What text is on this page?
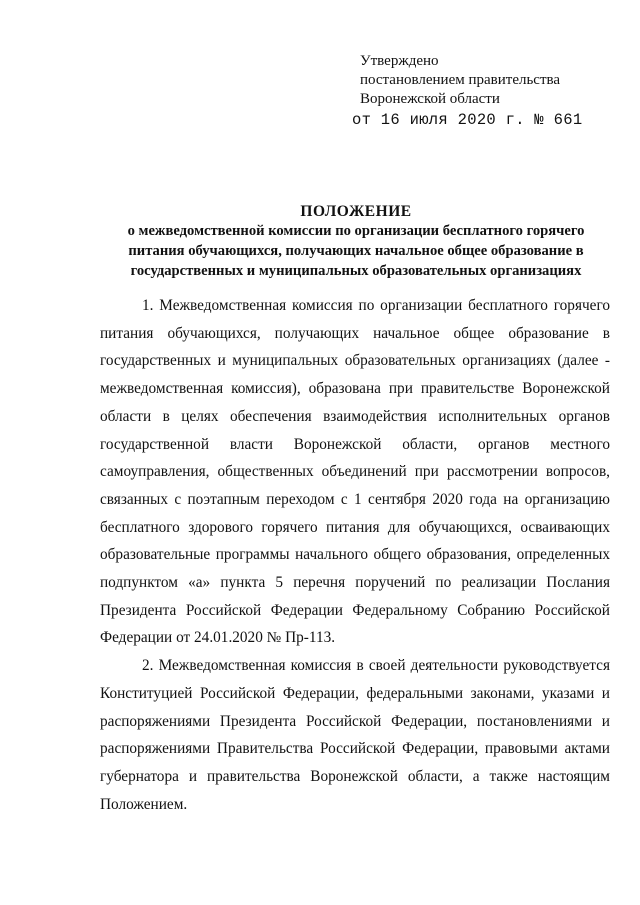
Утверждено
постановлением правительства
Воронежской области
от 16 июля 2020 г. № 661
ПОЛОЖЕНИЕ
о межведомственной комиссии по организации бесплатного горячего питания обучающихся, получающих начальное общее образование в государственных и муниципальных образовательных организациях

1. Межведомственная комиссия по организации бесплатного горячего питания обучающихся, получающих начальное общее образование в государственных и муниципальных образовательных организациях (далее - межведомственная комиссия), образована при правительстве Воронежской области в целях обеспечения взаимодействия исполнительных органов государственной власти Воронежской области, органов местного самоуправления, общественных объединений при рассмотрении вопросов, связанных с поэтапным переходом с 1 сентября 2020 года на организацию бесплатного здорового горячего питания для обучающихся, осваивающих образовательные программы начального общего образования, определенных подпунктом «а» пункта 5 перечня поручений по реализации Послания Президента Российской Федерации Федеральному Собранию Российской Федерации от 24.01.2020 № Пр-113.

2. Межведомственная комиссия в своей деятельности руководствуется Конституцией Российской Федерации, федеральными законами, указами и распоряжениями Президента Российской Федерации, постановлениями и распоряжениями Правительства Российской Федерации, правовыми актами губернатора и правительства Воронежской области, а также настоящим Положением.
